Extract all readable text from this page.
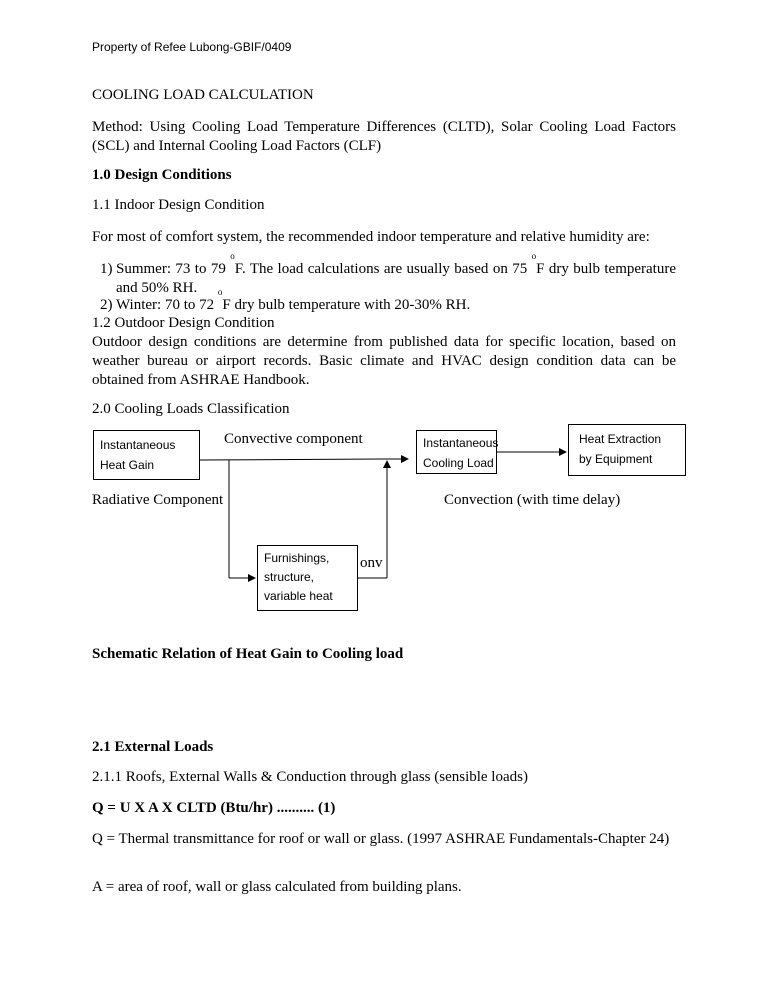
Property of Refee Lubong-GBIF/0409
COOLING LOAD CALCULATION
Method: Using Cooling Load Temperature Differences (CLTD), Solar Cooling Load Factors (SCL) and Internal Cooling Load Factors (CLF)
1.0 Design Conditions
1.1 Indoor Design Condition
For most of comfort system, the recommended indoor temperature and relative humidity are:
1) Summer: 73 to 79 $^o$F. The load calculations are usually based on 75 $^o$F dry bulb temperature and 50% RH.
2) Winter: 70 to 72 $^o$F dry bulb temperature with 20-30% RH.
1.2 Outdoor Design Condition
Outdoor design conditions are determine from published data for specific location, based on weather bureau or airport records. Basic climate and HVAC design condition data can be obtained from ASHRAE Handbook.
2.0 Cooling Loads Classification
Instantaneous
Heat Gain
Instantaneous
Cooling Load
Heat Extraction
by Equipment
Furnishings,
structure,
variable heat
Convective component
Radiative Component	Convection (with time delay)
onv
Schematic Relation of Heat Gain to Cooling load
2.1 External Loads
2.1.1 Roofs, External Walls & Conduction through glass (sensible loads)
Q = U X A X CLTD (Btu/hr) .......... (1)
Q = Thermal transmittance for roof or wall or glass. (1997 ASHRAE Fundamentals-Chapter 24)
A = area of roof, wall or glass calculated from building plans.
